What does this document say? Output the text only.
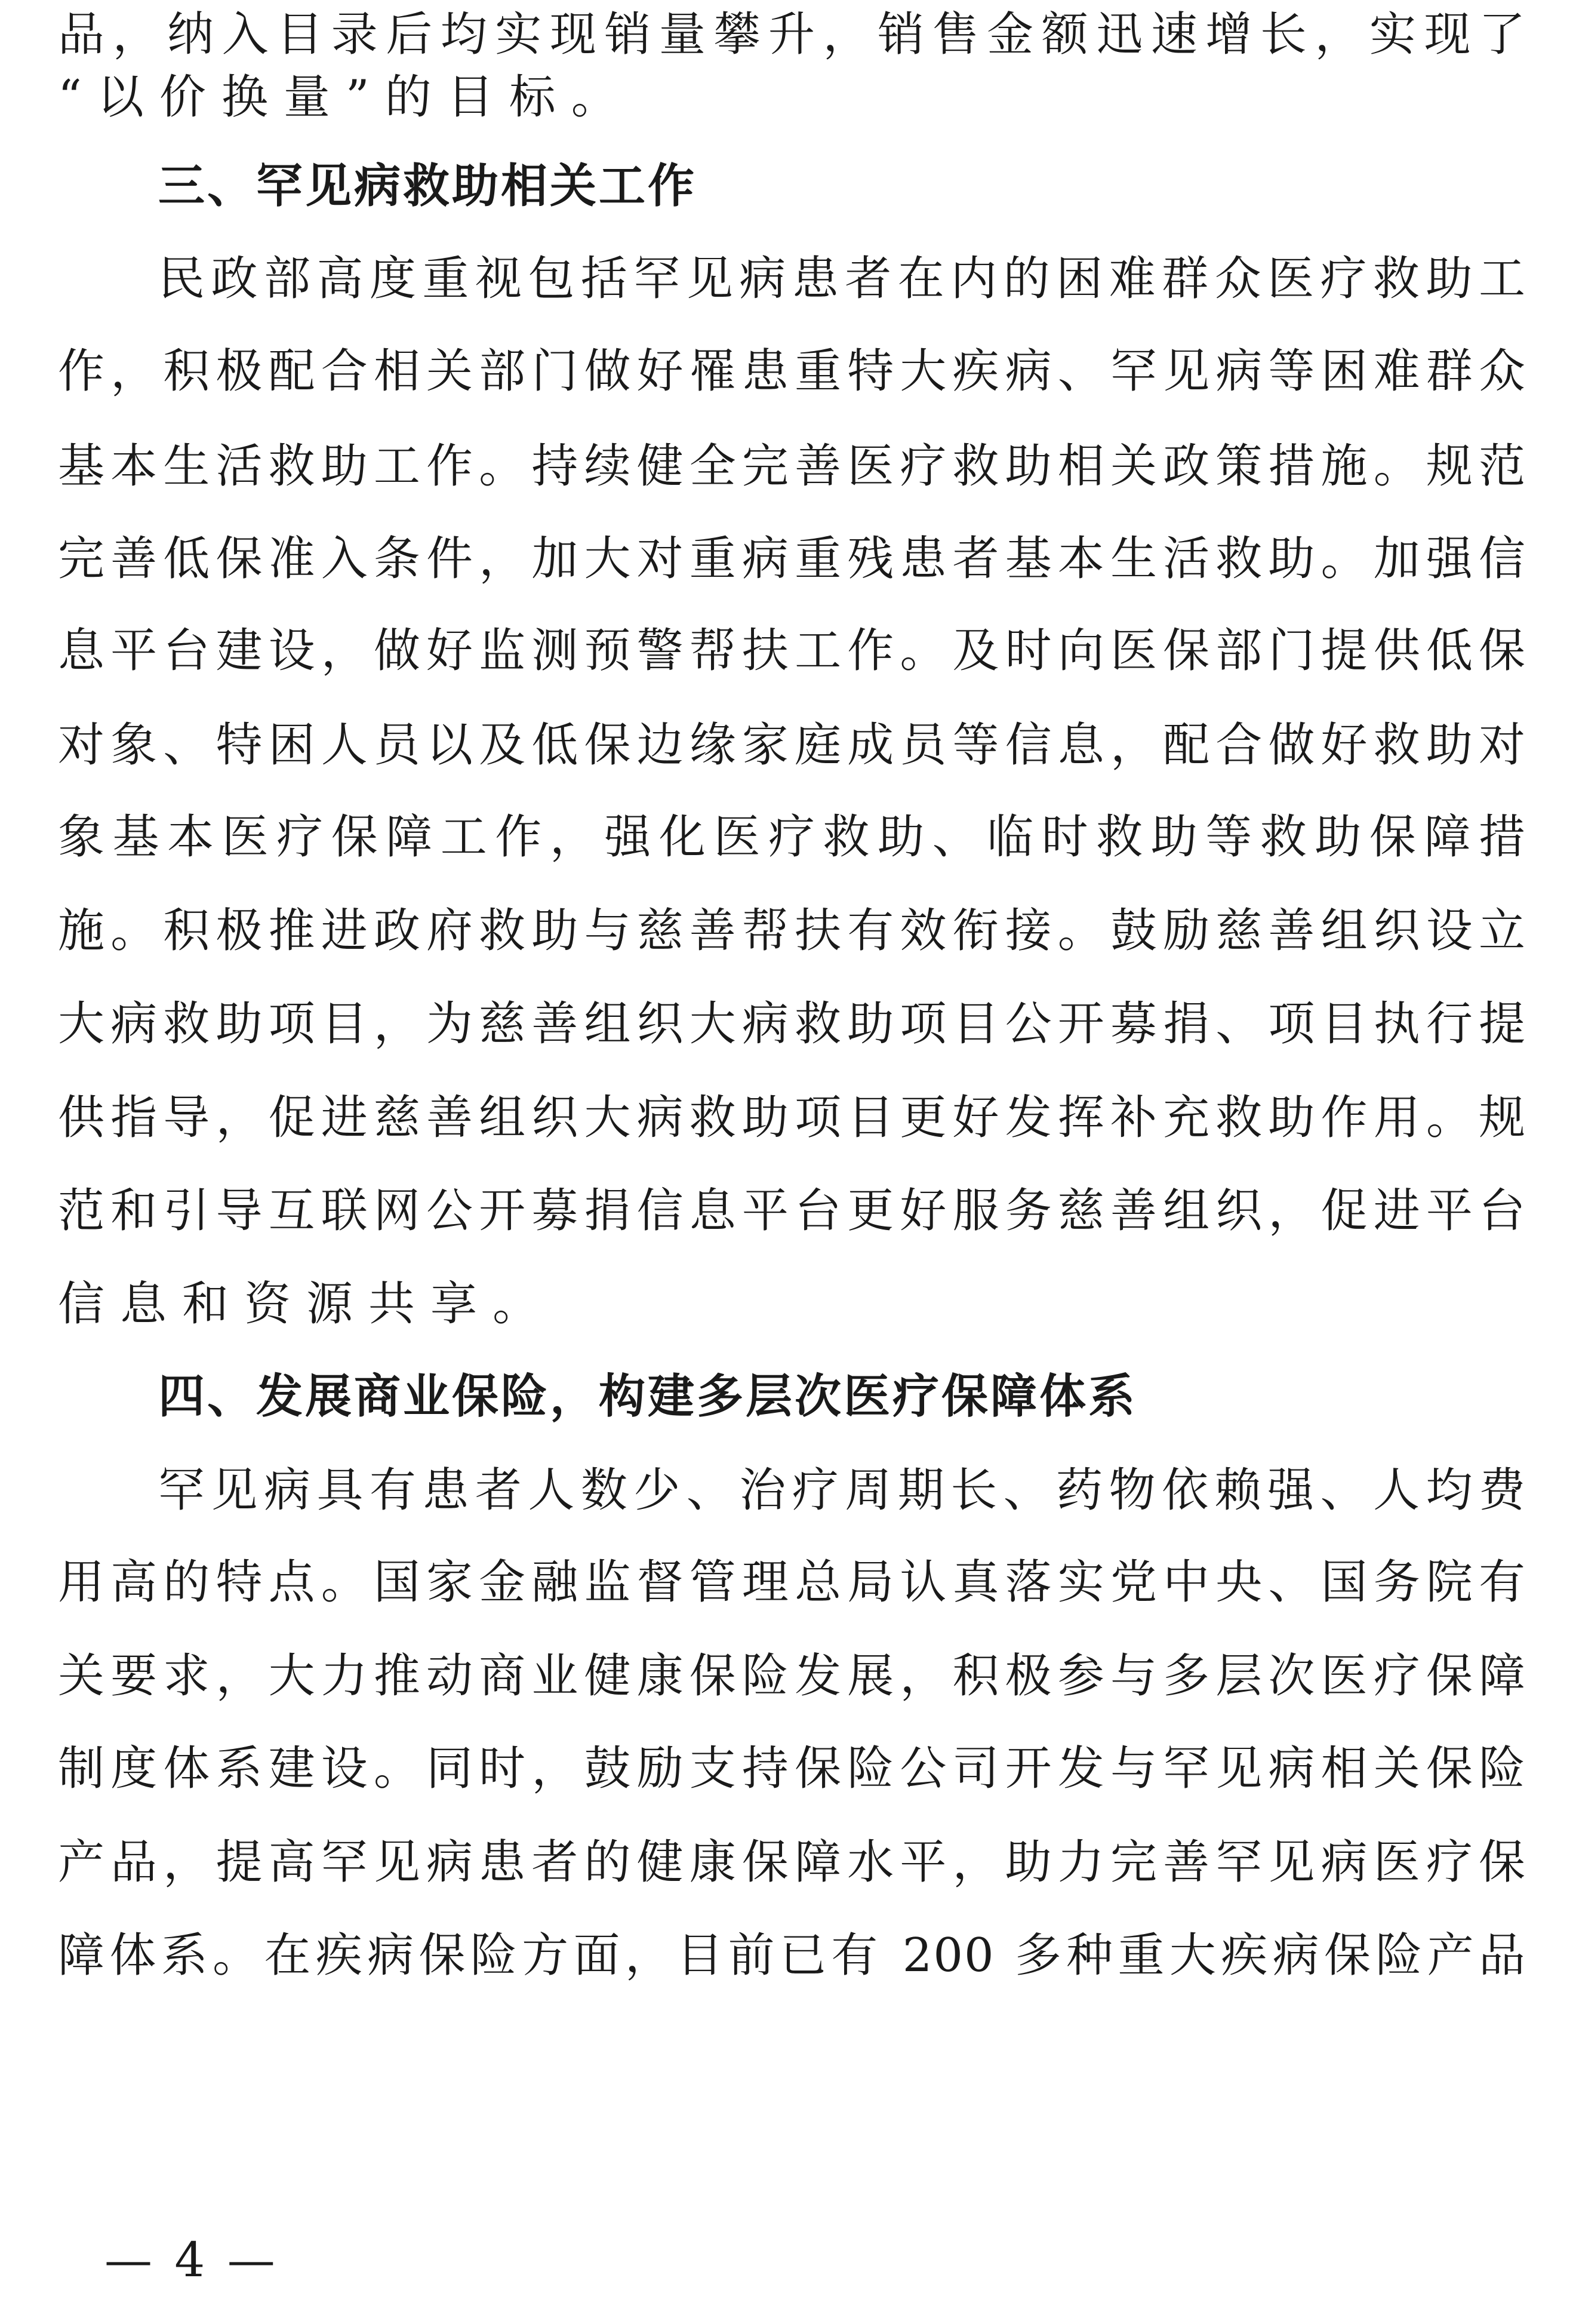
品，纳入目录后均实现销量攀升，销售金额迅速增长，实现了
“以价换量”的目标。
三、罕见病救助相关工作
民政部高度重视包括罕见病患者在内的困难群众医疗救助工
作，积极配合相关部门做好罹患重特大疾病、罕见病等困难群众
基本生活救助工作。持续健全完善医疗救助相关政策措施。规范
完善低保准入条件，加大对重病重残患者基本生活救助。加强信
息平台建设，做好监测预警帮扶工作。及时向医保部门提供低保
对象、特困人员以及低保边缘家庭成员等信息，配合做好救助对
象基本医疗保障工作，强化医疗救助、临时救助等救助保障措
施。积极推进政府救助与慈善帮扶有效衔接。鼓励慈善组织设立
大病救助项目，为慈善组织大病救助项目公开募捐、项目执行提
供指导，促进慈善组织大病救助项目更好发挥补充救助作用。规
范和引导互联网公开募捐信息平台更好服务慈善组织，促进平台
信息和资源共享。
四、发展商业保险，构建多层次医疗保障体系
罕见病具有患者人数少、治疗周期长、药物依赖强、人均费
用高的特点。国家金融监督管理总局认真落实党中央、国务院有
关要求，大力推动商业健康保险发展，积极参与多层次医疗保障
制度体系建设。同时，鼓励支持保险公司开发与罕见病相关保险
产品，提高罕见病患者的健康保障水平，助力完善罕见病医疗保
障体系。在疾病保险方面，目前已有 200 多种重大疾病保险产品
— 4 —
